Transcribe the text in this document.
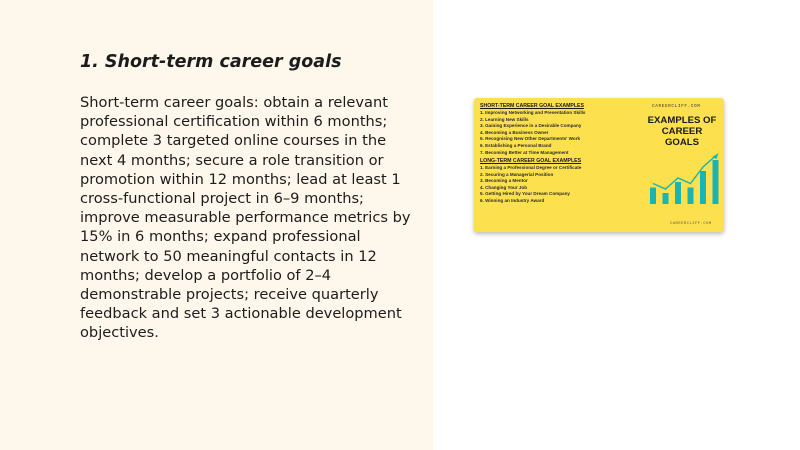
1. Short-term career goals

Short-term career goals: obtain a relevant professional certification within 6 months; complete 3 targeted online courses in the next 4 months; secure a role transition or promotion within 12 months; lead at least 1 cross-functional project in 6–9 months; improve measurable performance metrics by 15% in 6 months; expand professional network to 50 meaningful contacts in 12 months; develop a portfolio of 2–4 demonstrable projects; receive quarterly feedback and set 3 actionable development objectives.

SHORT-TERM CAREER GOAL EXAMPLES
1. Improving Networking and Presentation Skills
2. Learning New Skills
3. Gaining Experience in a Desirable Company
4. Becoming a Business Owner
5. Recognising New Other Departments' Work
6. Establishing a Personal Brand
7. Becoming Better at Time Management
LONG-TERM CAREER GOAL EXAMPLES
1. Earning a Professional Degree or Certificate
2. Securing a Managerial Position
3. Becoming a Mentor
4. Changing Your Job
5. Getting Hired by Your Dream Company
6. Winning an Industry Award
CAREERCLIFF.COM
EXAMPLES OF
CAREER GOALS
CAREERCLIFF.COM
